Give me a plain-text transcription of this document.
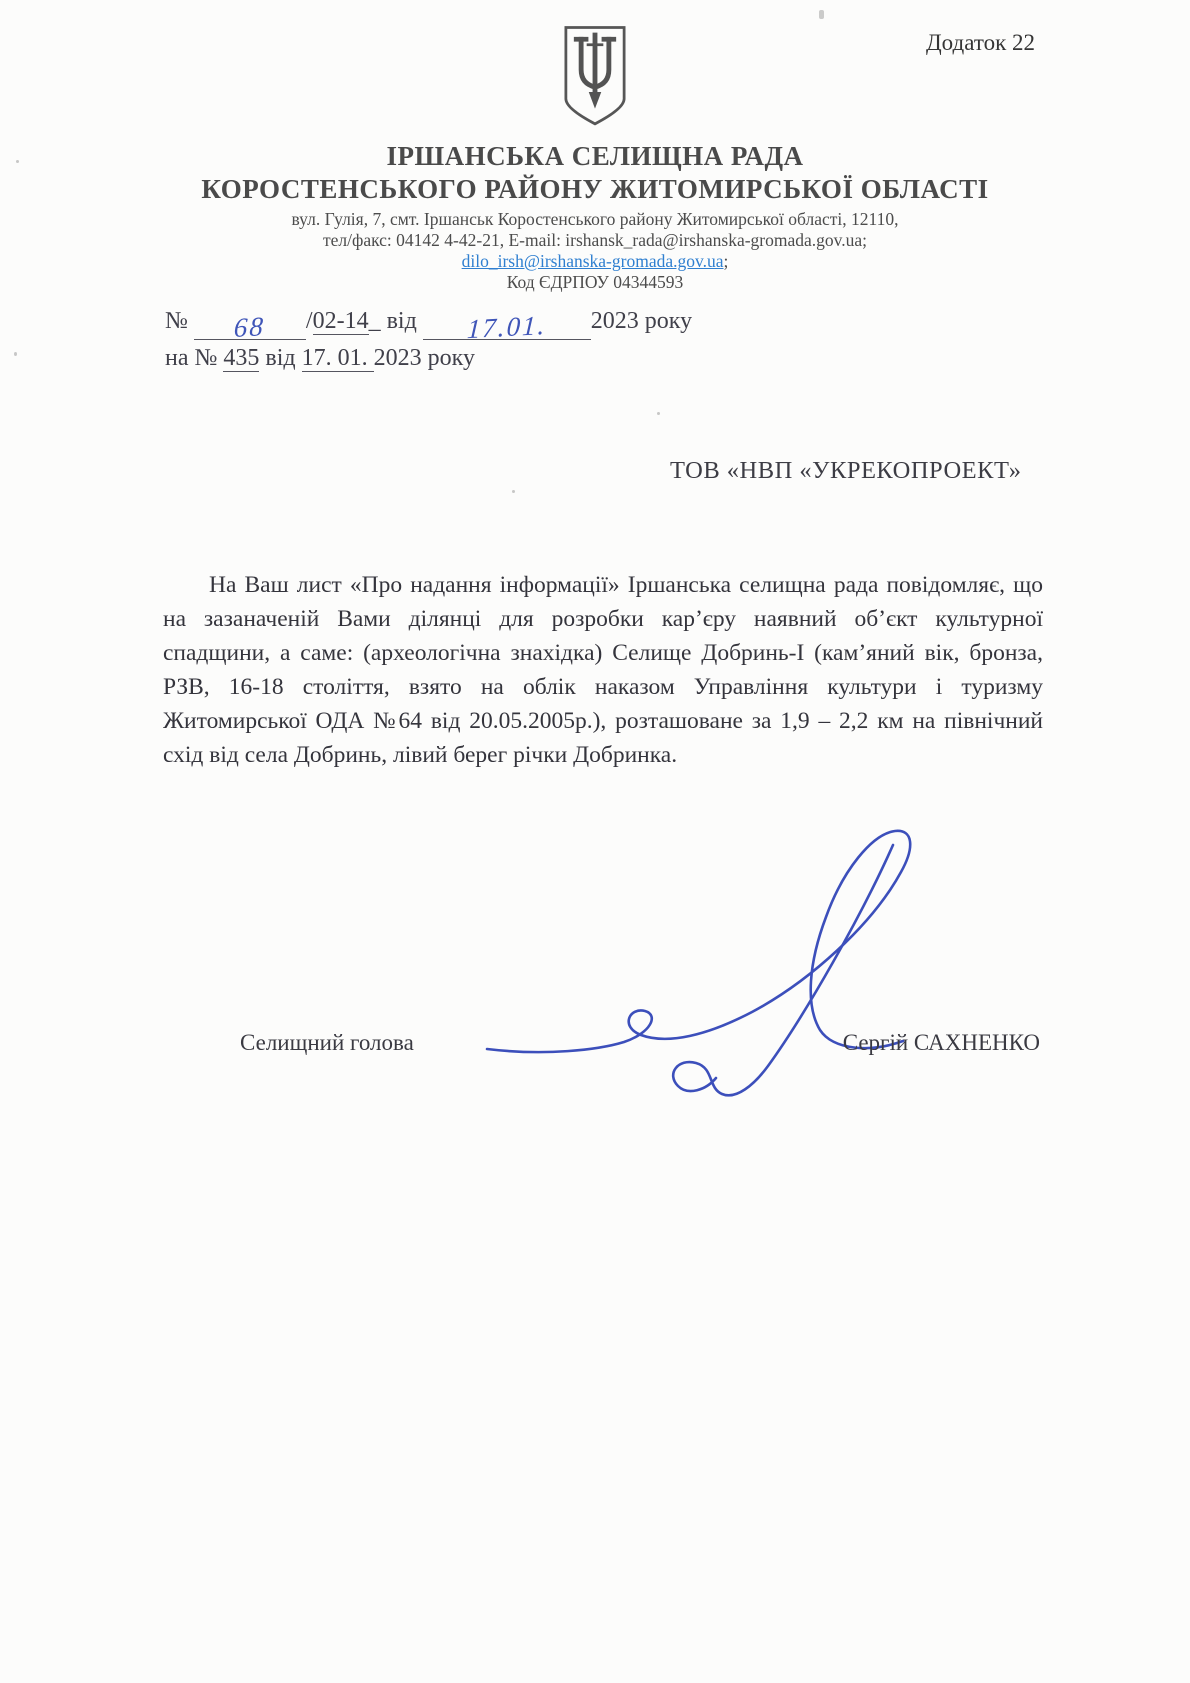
Додаток 22
ІРШАНСЬКА СЕЛИЩНА РАДА
КОРОСТЕНСЬКОГО РАЙОНУ ЖИТОМИРСЬКОЇ ОБЛАСТІ
вул. Гулія, 7, смт. Іршанськ Коростенського району Житомирської області, 12110,
тел/факс: 04142 4-42-21, E-mail: irshansk_rada@irshanska-gromada.gov.ua;
dilo_irsh@irshanska-gromada.gov.ua;
Код ЄДРПОУ 04344593
№ 68 /02-14_ від 17.01. 2023 року
на № 435 від 17. 01. 2023 року
ТОВ «НВП «УКРЕКОПРОЕКТ»

На Ваш лист «Про надання інформації» Іршанська селищна рада повідомляє, що на зазаначеній Вами ділянці для розробки кар’єру наявний об’єкт культурної спадщини, а саме: (археологічна знахідка) Селище Добринь-І (кам’яний вік, бронза, РЗВ, 16-18 століття, взято на облік наказом Управління культури і туризму Житомирської ОДА №64 від 20.05.2005р.), розташоване за 1,9 – 2,2 км на північний схід від села Добринь, лівий берег річки Добринка.

Селищний голова	Сергій САХНЕНКО
